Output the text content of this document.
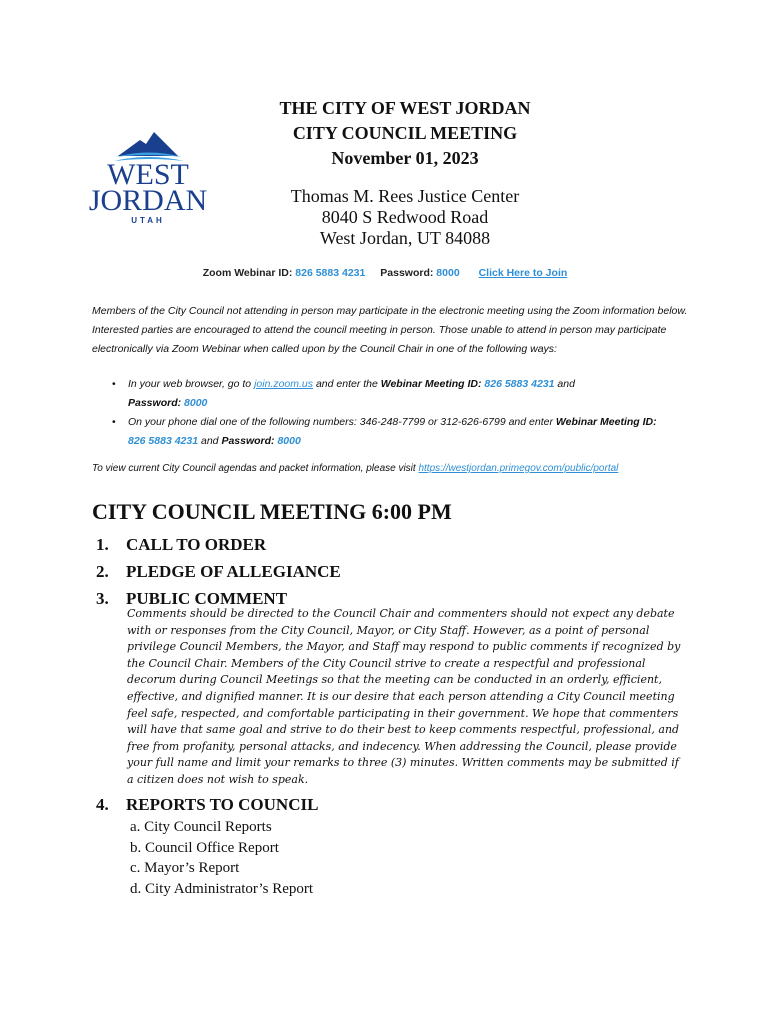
WEST
JORDAN
UTAH
THE CITY OF WEST JORDAN
CITY COUNCIL MEETING
November 01, 2023
Thomas M. Rees Justice Center
8040 S Redwood Road
West Jordan, UT 84088
Zoom Webinar ID: 826 5883 4231 Password: 8000 Click Here to Join

Members of the City Council not attending in person may participate in the electronic meeting using the Zoom information below.

Interested parties are encouraged to attend the council meeting in person. Those unable to attend in person may participate electronically via Zoom Webinar when called upon by the Council Chair in one of the following ways:

• In your web browser, go to join.zoom.us and enter the Webinar Meeting ID: 826 5883 4231 and
Password: 8000
• On your phone dial one of the following numbers: 346-248-7799 or 312-626-6799 and enter Webinar Meeting ID: 826 5883 4231 and Password: 8000
To view current City Council agendas and packet information, please visit https://westjordan.primegov.com/public/portal
CITY COUNCIL MEETING 6:00 PM
1. CALL TO ORDER
2. PLEDGE OF ALLEGIANCE
3. PUBLIC COMMENT
Comments should be directed to the Council Chair and commenters should not expect any debate with or responses from the City Council, Mayor, or City Staff. However, as a point of personal privilege Council Members, the Mayor, and Staff may respond to public comments if recognized by the Council Chair. Members of the City Council strive to create a respectful and professional decorum during Council Meetings so that the meeting can be conducted in an orderly, efficient, effective, and dignified manner. It is our desire that each person attending a City Council meeting feel safe, respected, and comfortable participating in their government. We hope that commenters will have that same goal and strive to do their best to keep comments respectful, professional, and free from profanity, personal attacks, and indecency. When addressing the Council, please provide your full name and limit your remarks to three (3) minutes. Written comments may be submitted if a citizen does not wish to speak.
4. REPORTS TO COUNCIL
a. City Council Reports
b. Council Office Report
c. Mayor’s Report
d. City Administrator’s Report
